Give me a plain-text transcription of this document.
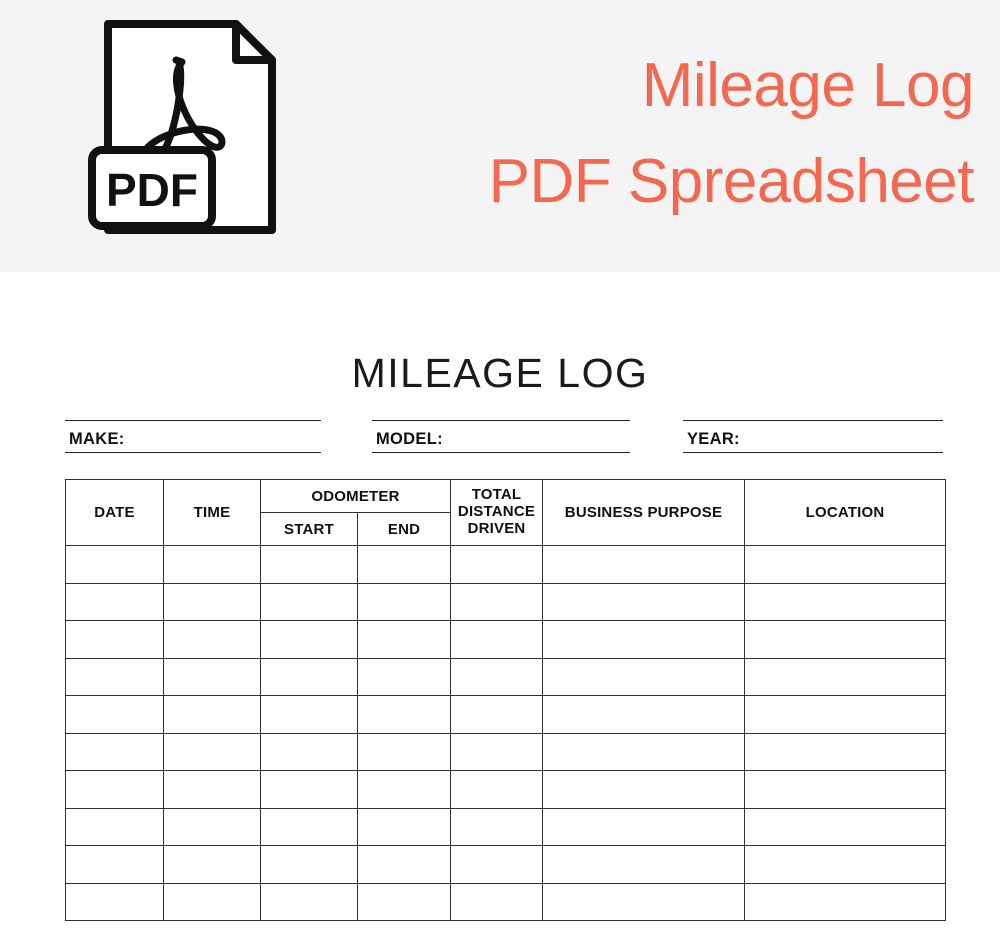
PDF
Mileage Log
PDF Spreadsheet
MILEAGE LOG
MAKE:	MODEL:	YEAR:
DATE	TIME	ODOMETER		TOTAL DISTANCE DRIVEN	BUSINESS PURPOSE	LOCATION
		START	END			
